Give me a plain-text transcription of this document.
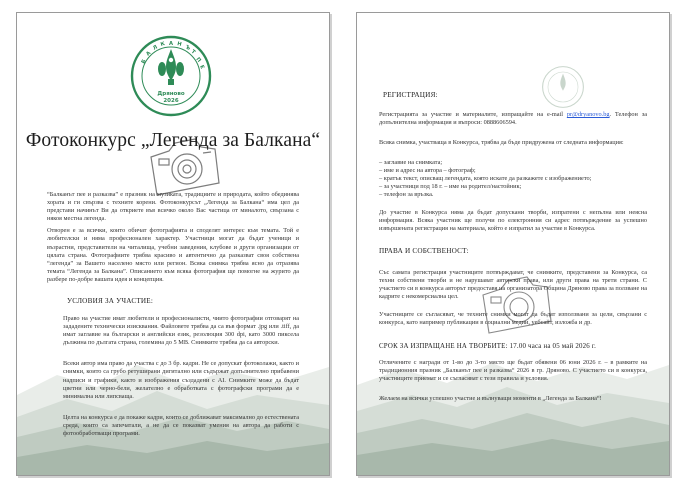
Б
А
Л К А Н Ъ
Т
П
Е
Дряново
2026
Фотоконкурс „Легенда за Балкана“

“Балканът пее и разказва” е празник на музиката, традициите и природата, който обединява хората и ги свързва с техните корени. Фотоконкурсът „Легенда за Балкана“ има цел да представи начинът Ви да откриете във всичко около Вас частица от миналото, свързана с някоя местна легенда.

Отворен е за всички, които обичат фотографията и споделят интерес към темата. Той е любителски и няма професионален характер. Участници могат да бъдат ученици и възрастни, представители на читалища, учебни заведения, клубове и други организации от цялата страна. Фотографиите трябва красиво и автентично да разказват своя собствена “легенда” за Вашето населено място или регион. Всяка снимка трябва ясно да отразява темата “Легенда за Балкана”. Описанието към всяка фотография ще помогне на журито да разбере по-добре вашата идея и концепция.

УСЛОВИЯ ЗА УЧАСТИЕ:

Право на участие имат любители и професионалисти, чиито фотографии отговарят на зададените технически изисквания. Файловете трябва да са във формат .jpg или .tiff, да имат заглавие на български и английски език, резолюция 300 dpi, като 3000 пиксела дължина по дългата страна, големина до 5 MB. Снимките трябва да са авторски.

Всеки автор има право да участва с до 3 бр. кадри. Не се допускат фотоколажи, както и снимки, които са грубо ретуширани дигитално или съдържат допълнително прибавени надписи и графики, както и изображения създадени с AI. Снимките може да бъдат цветни или черно-бели, желателно е обработката с фотографски програми да е минимална или липсваща.

Целта на конкурса е да покаже кадри, които се доближават максимално до естествената среда, които са запечатали, а не да се показват умения на автора да работи с фотообработващи програми.

РЕГИСТРАЦИЯ:

Регистрацията за участие и материалите, изпращайте на e-mail pr@dryanovo.bg. Телефон за допълнителна информация и въпроси: 0888606594.

Всяка снимка, участваща в Конкурса, трябва да бъде придружена от следната информация:
– заглавие на снимката;
– име и адрес на автора – фотограф;
– кратък текст, описващ легендата, която искате да разкажете с изображението;
– за участници под 18 г. – име на родител/настойник;
– телефон за връзка.
До участие в Конкурса няма да бъдат допускани творби, изпратени с непълна или неясна информация. Всяка участник ще получи по електронния си адрес потвърждение за успешно извършената регистрация на материала, който е изпратил за участие в Конкурса.
ПРАВА И СОБСТВЕНОСТ:
Със самата регистрация участниците потвърждават, че снимките, представени за Конкурса, са техни собствени творби и не нарушават авторски права, или други права на трети страни. С участието си в конкурса авторът предоставя на организатора Община Дряново права за ползване на кадрите с некомерсиална цел.
Участниците се съгласяват, че техните снимки могат да бъдат използвани за цели, свързани с конкурса, като например публикации в социални медии, уебсайт, изложба и др.
СРОК ЗА ИЗПРАЩАНЕ НА ТВОРБИТЕ: 17.00 часа на 05 май 2026 г.
Отличените с награди от 1-во до 3-то място ще бъдат обявени 06 юни 2026 г. – в рамките на традиционния празник „Балканът пее и разказва“ 2026 в гр. Дряново. С участието си в конкурса, участниците приемат и се съгласяват с тези правила и условия.
Желаем на всички успешно участие и вълнуващи моменти в „Легенда за Балкана“!
